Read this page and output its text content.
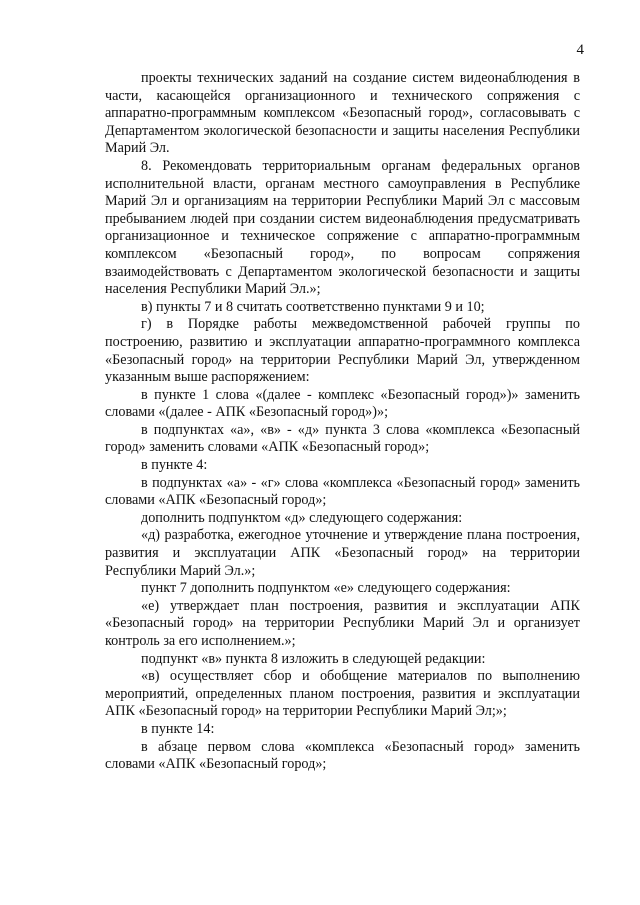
4

проекты технических заданий на создание систем видеонаблюдения в части, касающейся организационного и технического сопряжения с аппаратно-программным комплексом «Безопасный город», согласовывать с Департаментом экологической безопасности и защиты населения Республики Марий Эл.

8. Рекомендовать территориальным органам федеральных органов исполнительной власти, органам местного самоуправления в Республике Марий Эл и организациям на территории Республики Марий Эл с массовым пребыванием людей при создании систем видеонаблюдения предусматривать организационное и техническое сопряжение с аппаратно-программным комплексом «Безопасный город», по вопросам сопряжения взаимодействовать с Департаментом экологической безопасности и защиты населения Республики Марий Эл.»;

в) пункты 7 и 8 считать соответственно пунктами 9 и 10;

г) в Порядке работы межведомственной рабочей группы по построению, развитию и эксплуатации аппаратно-программного комплекса «Безопасный город» на территории Республики Марий Эл, утвержденном указанным выше распоряжением:

в пункте 1 слова «(далее - комплекс «Безопасный город»)» заменить словами «(далее - АПК «Безопасный город»)»;

в подпунктах «а», «в» - «д» пункта 3 слова «комплекса «Безопасный город» заменить словами «АПК «Безопасный город»;

в пункте 4:

в подпунктах «а» - «г» слова «комплекса «Безопасный город» заменить словами «АПК «Безопасный город»;

дополнить подпунктом «д» следующего содержания:

«д) разработка, ежегодное уточнение и утверждение плана построения, развития и эксплуатации АПК «Безопасный город» на территории Республики Марий Эл.»;

пункт 7 дополнить подпунктом «е» следующего содержания:

«е) утверждает план построения, развития и эксплуатации АПК «Безопасный город» на территории Республики Марий Эл и организует контроль за его исполнением.»;

подпункт «в» пункта 8 изложить в следующей редакции:

«в) осуществляет сбор и обобщение материалов по выполнению мероприятий, определенных планом построения, развития и эксплуатации АПК «Безопасный город» на территории Республики Марий Эл;»;

в пункте 14:

в абзаце первом слова «комплекса «Безопасный город» заменить словами «АПК «Безопасный город»;
